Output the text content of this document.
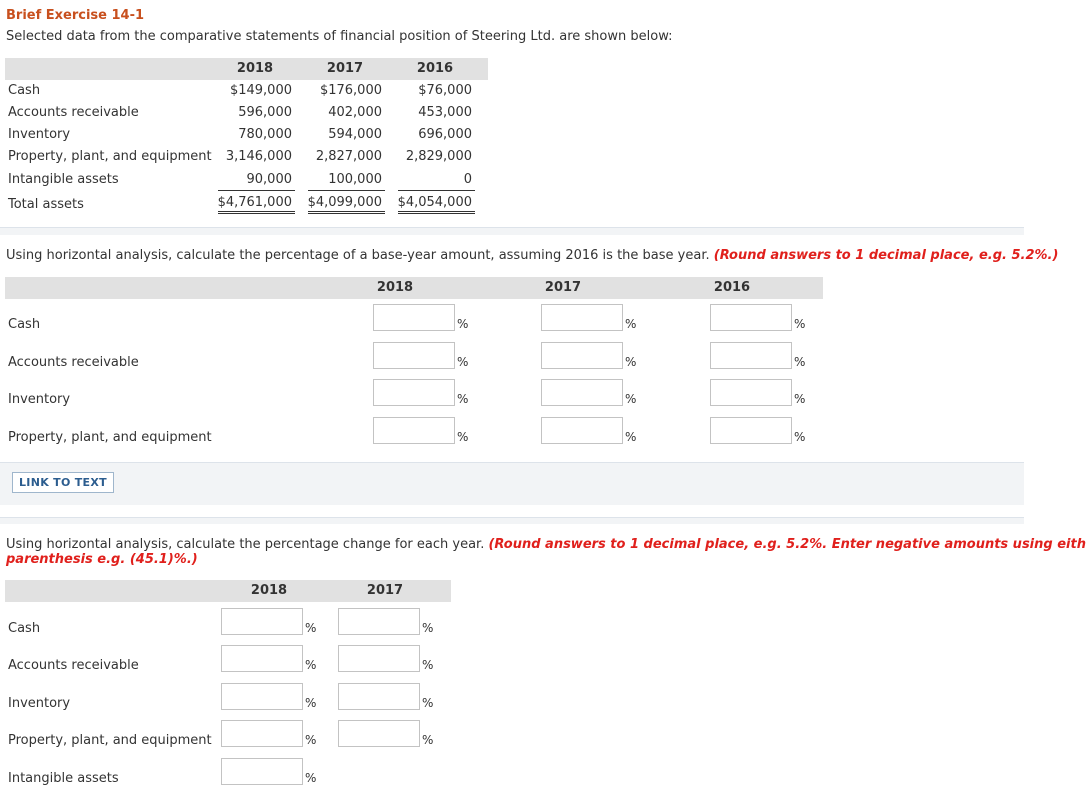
Brief Exercise 14-1
Selected data from the comparative statements of financial position of Steering Ltd. are shown below:
2018	2017	2016
Cash	$149,000	$176,000	$76,000
Accounts receivable	596,000	402,000	453,000
Inventory	780,000	594,000	696,000
Property, plant, and equipment	3,146,000	2,827,000	2,829,000
Intangible assets	90,000	100,000	0
Total assets	$4,761,000	$4,099,000	$4,054,000
Using horizontal analysis, calculate the percentage of a base-year amount, assuming 2016 is the base year. (Round answers to 1 decimal place, e.g. 5.2%.)
2018	2017	2016
Cash	%	%	%
Accounts receivable	%	%	%
Inventory	%	%	%
Property, plant, and equipment	%	%	%
LINK TO TEXT
Using horizontal analysis, calculate the percentage change for each year. (Round answers to 1 decimal place, e.g. 5.2%. Enter negative amounts using eith
parenthesis e.g. (45.1)%.)
2018	2017
Cash	%	%
Accounts receivable	%	%
Inventory	%	%
Property, plant, and equipment	%	%
Intangible assets	%
